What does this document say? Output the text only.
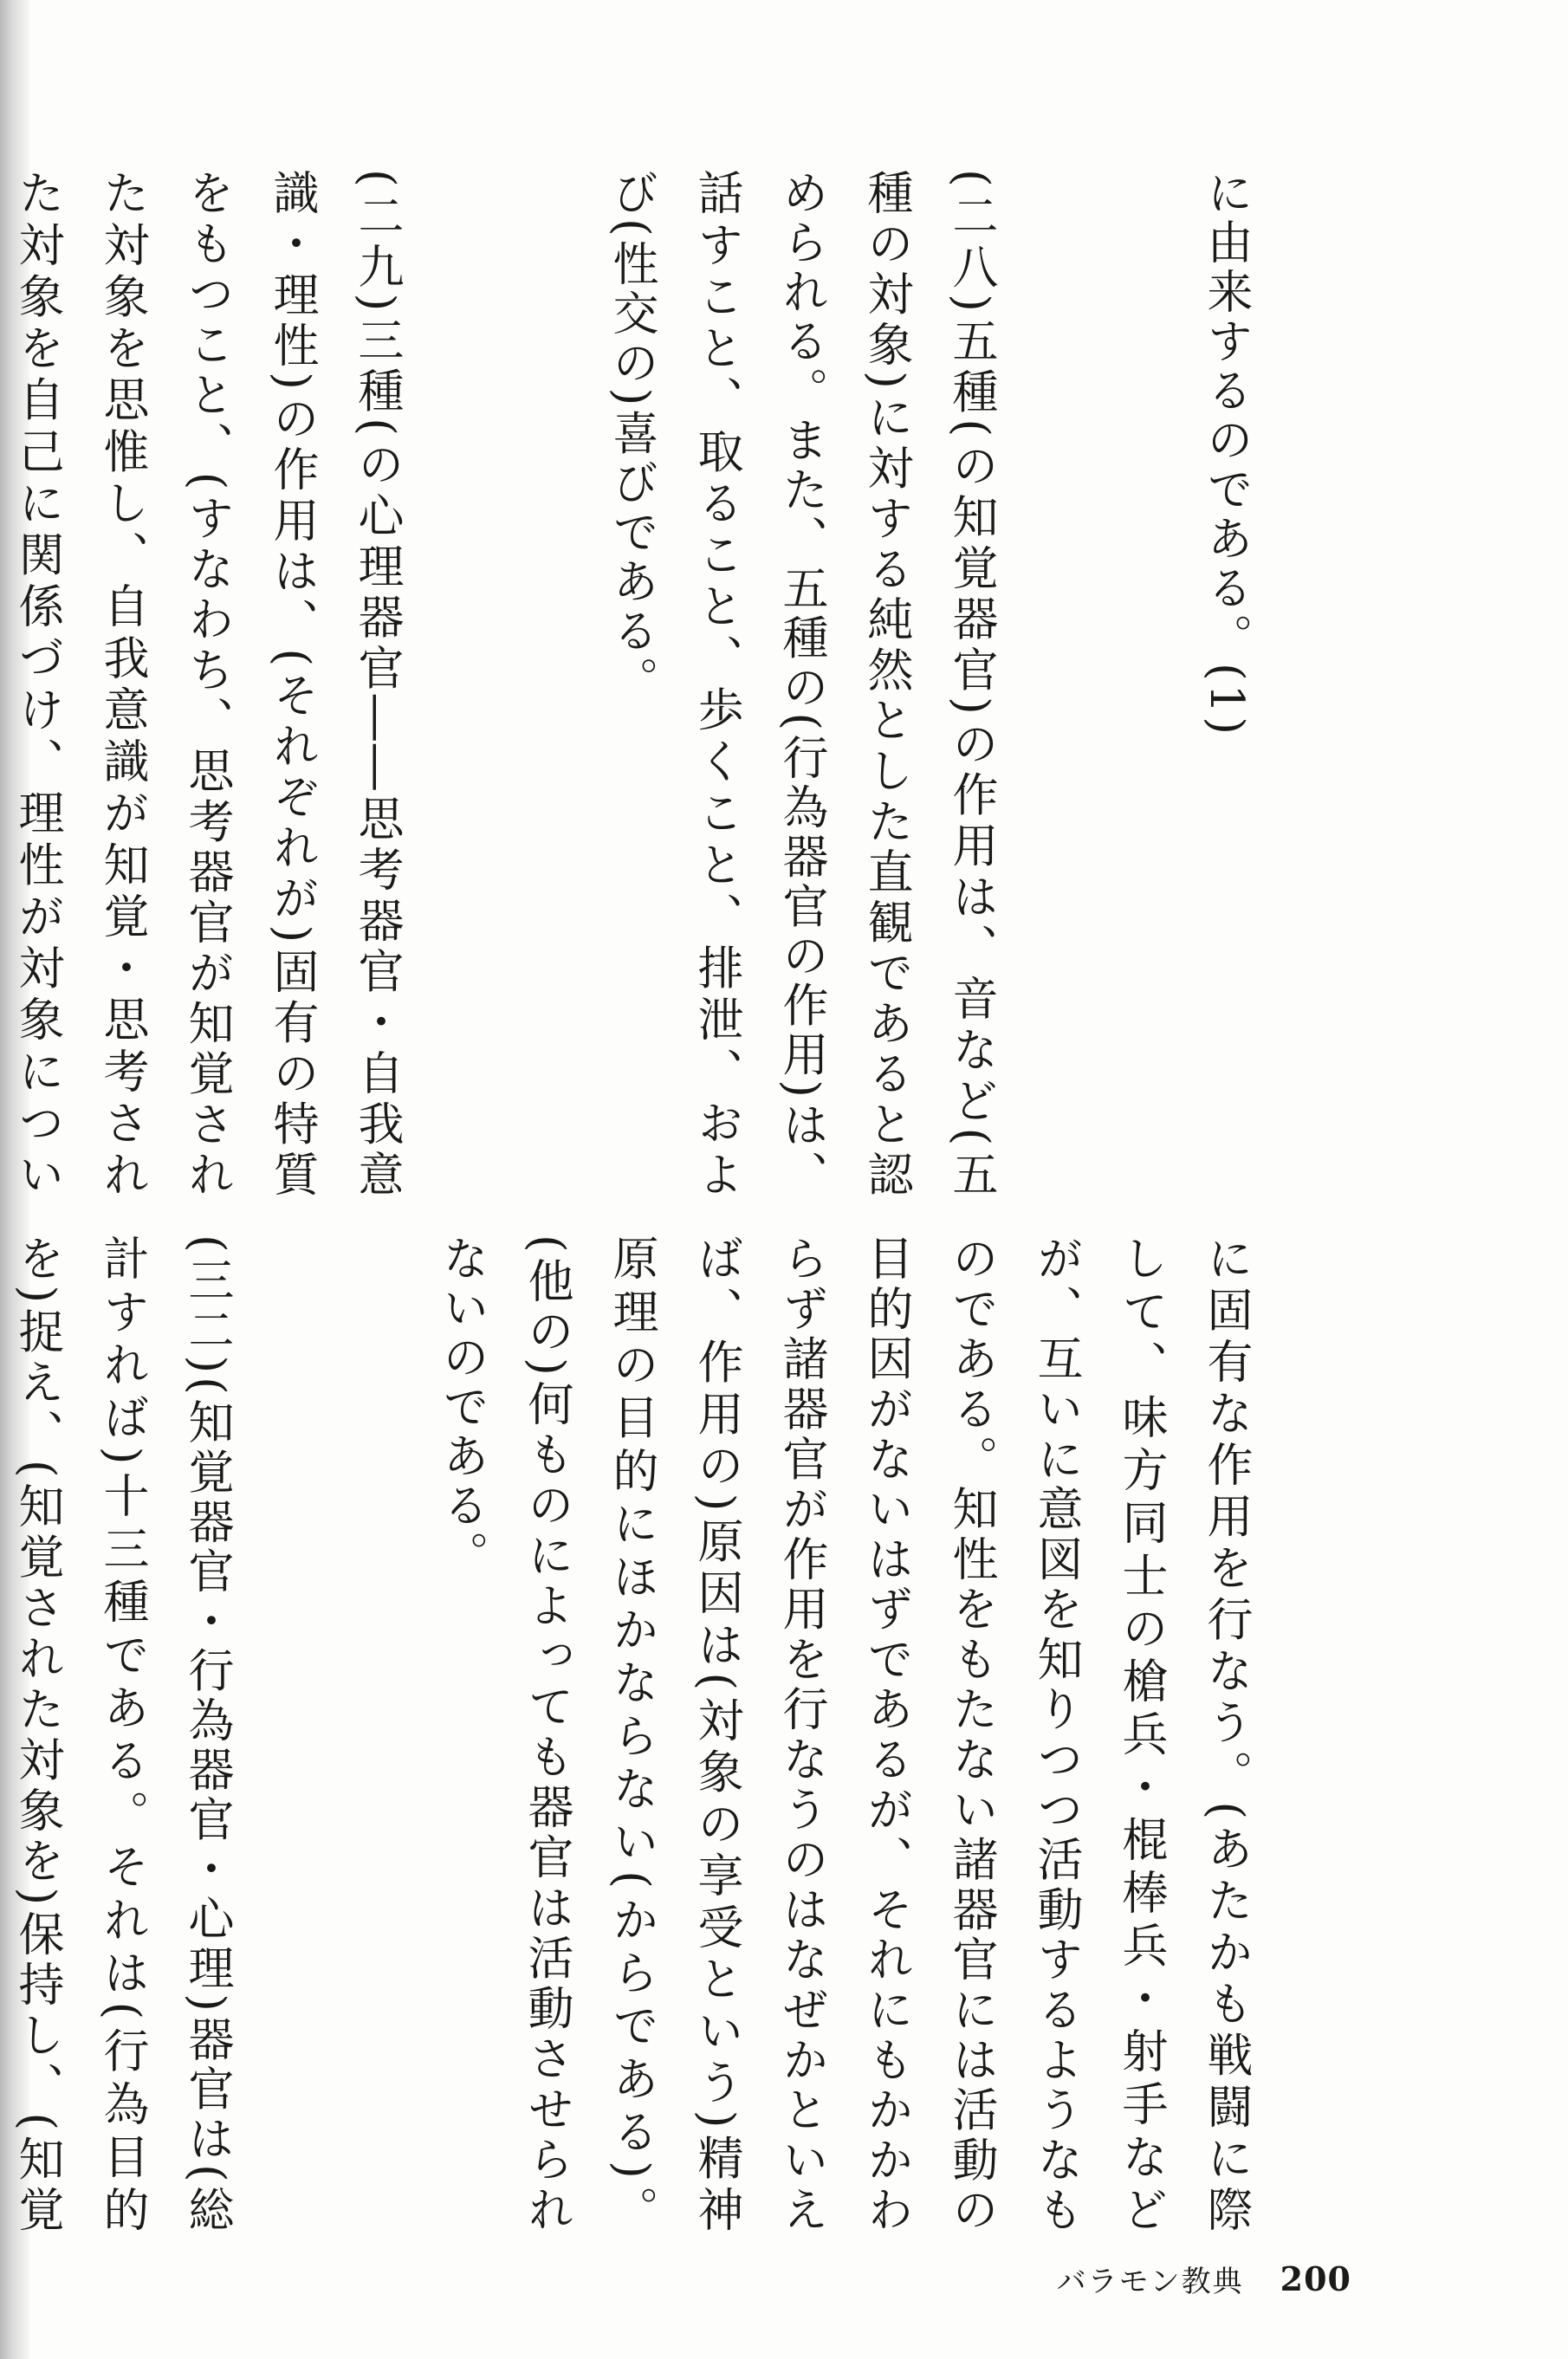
に由来するのである。(1)

(二八)五種(の知覚器官)の作用は、音など(五種の対象)に対する純然とした直観であると認められる。また、五種の(行為器官の作用)は、話すこと、取ること、歩くこと、排泄、および(性交の)喜びである。

(二九)三種(の心理器官――思考器官・自我意識・理性)の作用は、(それぞれが)固有の特質をもつこと、(すなわち、思考器官が知覚された対象を思惟し、自我意識が知覚・思考された対象を自己に関係づけ、理性が対象につい

に固有な作用を行なう。(あたかも戦闘に際して、味方同士の槍兵・棍棒兵・射手などが、互いに意図を知りつつ活動するようなものである。知性をもたない諸器官には活動の目的因がないはずであるが、それにもかかわらず諸器官が作用を行なうのはなぜかといえば、作用の)原因は(対象の享受という)精神原理の目的にほかならない(からである)。(他の)何ものによっても器官は活動させられないのである。

(三二)(知覚器官・行為器官・心理)器官は(総計すれば)十三種である。それは(行為目的を)捉え、(知覚された対象を)保持し、(知覚

バラモン教典 200
